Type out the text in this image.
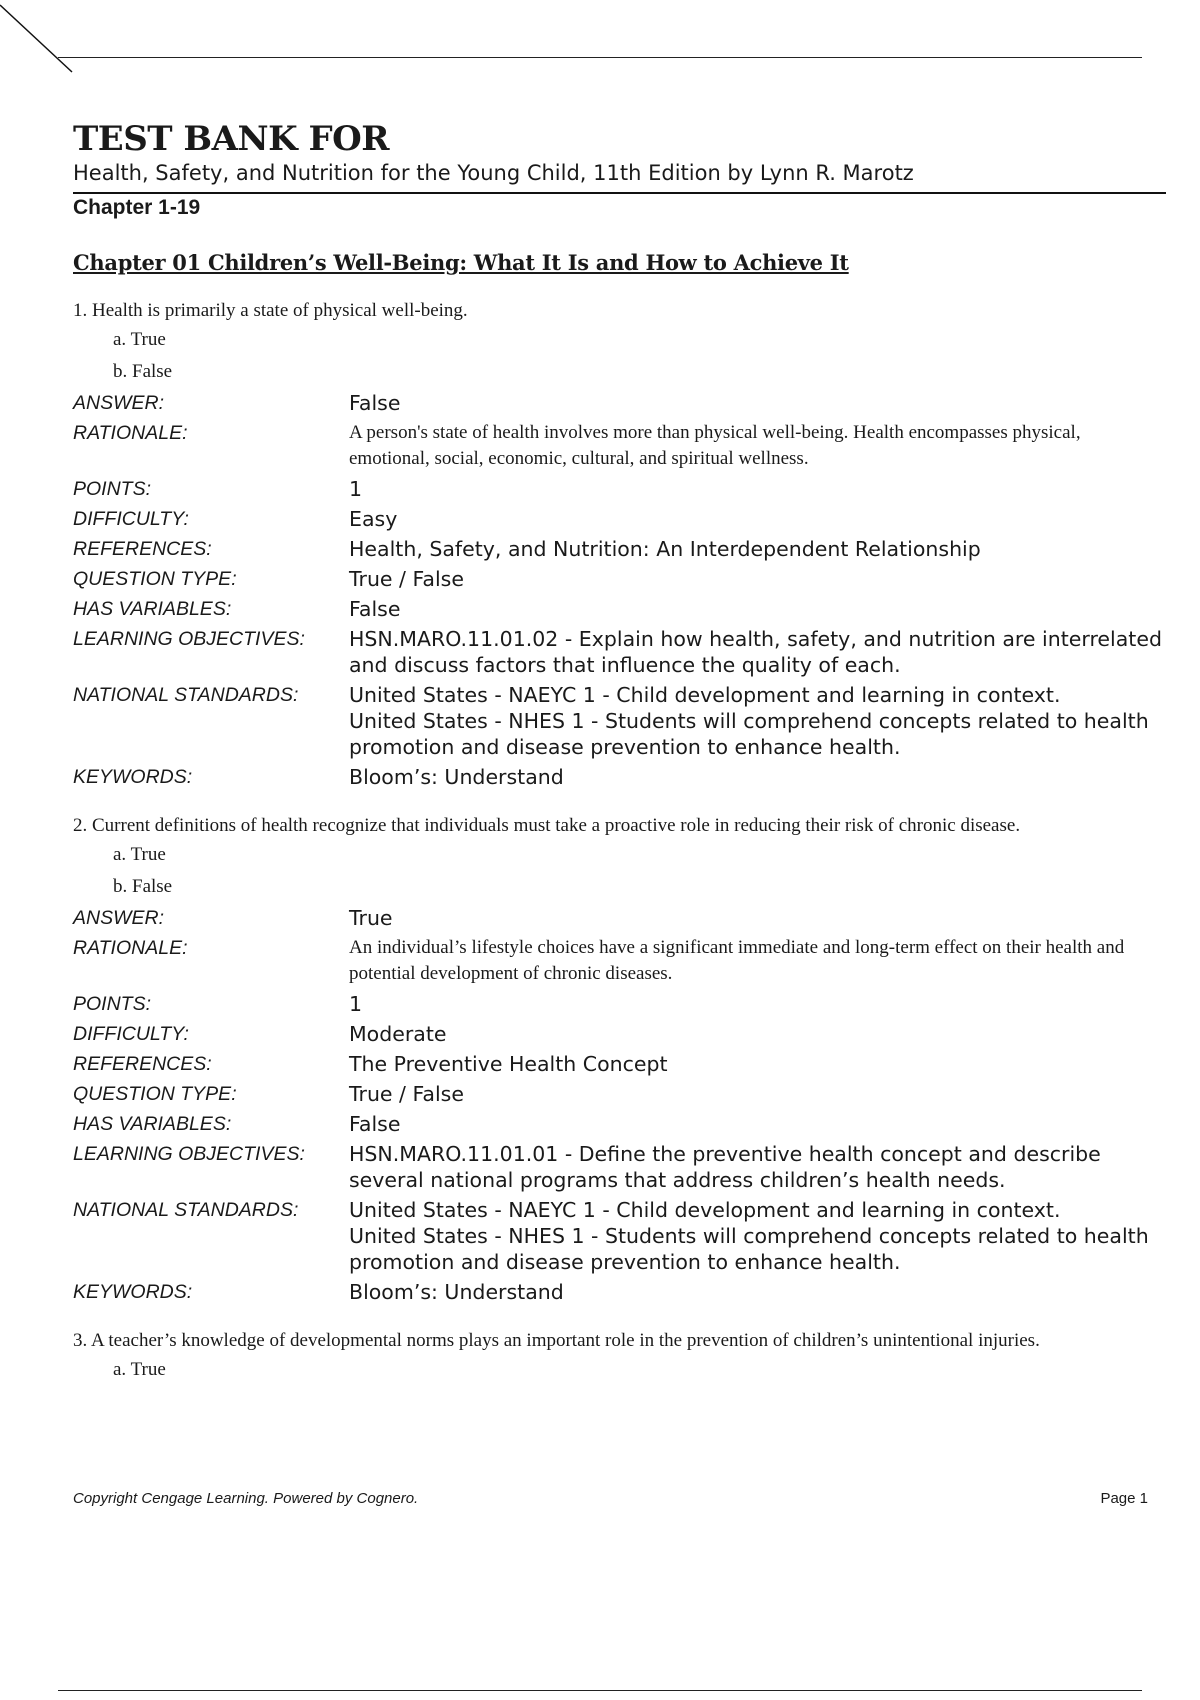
TEST BANK FOR
Health, Safety, and Nutrition for the Young Child, 11th Edition by Lynn R. Marotz
Chapter 1-19
Chapter 01 Children’s Well-Being: What It Is and How to Achieve It
1. Health is primarily a state of physical well-being.
a. True
b. False
ANSWER:	False
RATIONALE:	A person's state of health involves more than physical well-being. Health encompasses physical, emotional, social, economic, cultural, and spiritual wellness.
POINTS:	1
DIFFICULTY:	Easy
REFERENCES:	Health, Safety, and Nutrition: An Interdependent Relationship
QUESTION TYPE:	True / False
HAS VARIABLES:	False
LEARNING OBJECTIVES:	HSN.MARO.11.01.02 - Explain how health, safety, and nutrition are interrelated and discuss factors that influence the quality of each.
NATIONAL STANDARDS:	United States - NAEYC 1 - Child development and learning in context.
United States - NHES 1 - Students will comprehend concepts related to health promotion and disease prevention to enhance health.
KEYWORDS:	Bloom’s: Understand
2. Current definitions of health recognize that individuals must take a proactive role in reducing their risk of chronic disease.
a. True
b. False
ANSWER:	True
RATIONALE:	An individual’s lifestyle choices have a significant immediate and long-term effect on their health and potential development of chronic diseases.
POINTS:	1
DIFFICULTY:	Moderate
REFERENCES:	The Preventive Health Concept
QUESTION TYPE:	True / False
HAS VARIABLES:	False
LEARNING OBJECTIVES:	HSN.MARO.11.01.01 - Define the preventive health concept and describe several national programs that address children’s health needs.
NATIONAL STANDARDS:	United States - NAEYC 1 - Child development and learning in context.
United States - NHES 1 - Students will comprehend concepts related to health promotion and disease prevention to enhance health.
KEYWORDS:	Bloom’s: Understand
3. A teacher’s knowledge of developmental norms plays an important role in the prevention of children’s unintentional injuries.
a. True
Copyright Cengage Learning. Powered by Cognero.	Page 1
